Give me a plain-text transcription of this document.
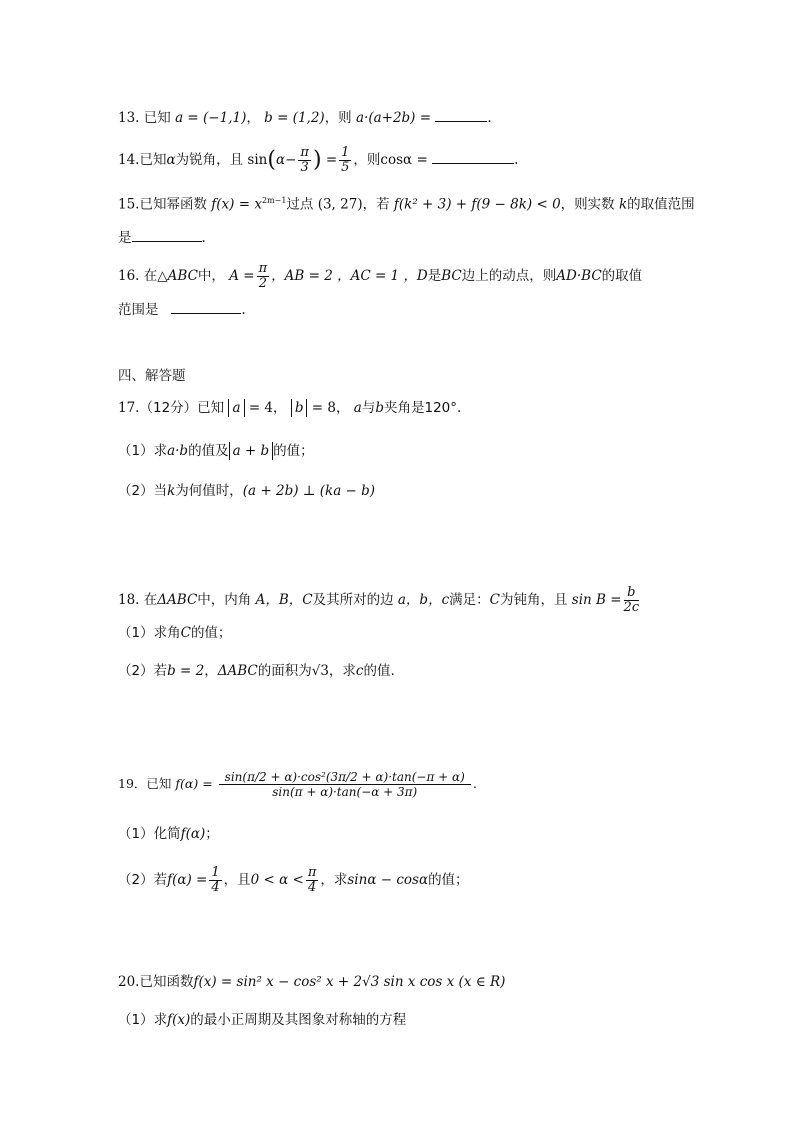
13. 已知 a = (−1,1)， b = (1,2)，则 a·(a+2b) =	.
14.已知α为锐角，且 $\sin(\alpha- \frac{\pi}{3}$ ) = $\frac{1}{5}$ ，则cosα =	.
15.已知幂函数 $f(x) = x^{2m-1}$过点 (3, 27)，若 f(k² + 3) + f(9 − 8k) < 0，则实数 k的取值范围
是	.
16. 在△ABC中， $A = \frac{\pi}{2}$ ，AB = 2 ，AC = 1 ，D是BC边上的动点，则AD·BC的取值
范围是	.
四、解答题
17.（12分）已知 a = 4， b = 8， a与b夹角是120°.
（1）求a·b的值及 a + b 的值；
（2）当k为何值时，(a + 2b) ⊥ (ka − b)
18. 在ΔABC中，内角 A，B，C及其所对的边 a，b，c满足：C为钝角，且 $\sin B = \frac{b}{2c}$
（1）求角C的值；
（2）若b = 2，ΔABC的面积为√3，求c的值.
19．已知 $f(\alpha) = \frac{\text{sin(π/2 + α)·cos²(3π/2 + α)·tan(−π + α)}}{\sin(\pi + \alpha)\cdot\tan(-\alpha + 3\pi)}$ .
（1）化简f(α)；
（2）若$f(\alpha) = \frac{1}{4}$ ，且$0 < \alpha < \frac{\pi}{4}$ ，求sinα − cosα的值；
20.已知函数f(x) = sin² x − cos² x + 2√3 sin x cos x (x ∈ R)
（1）求f(x)的最小正周期及其图象对称轴的方程
